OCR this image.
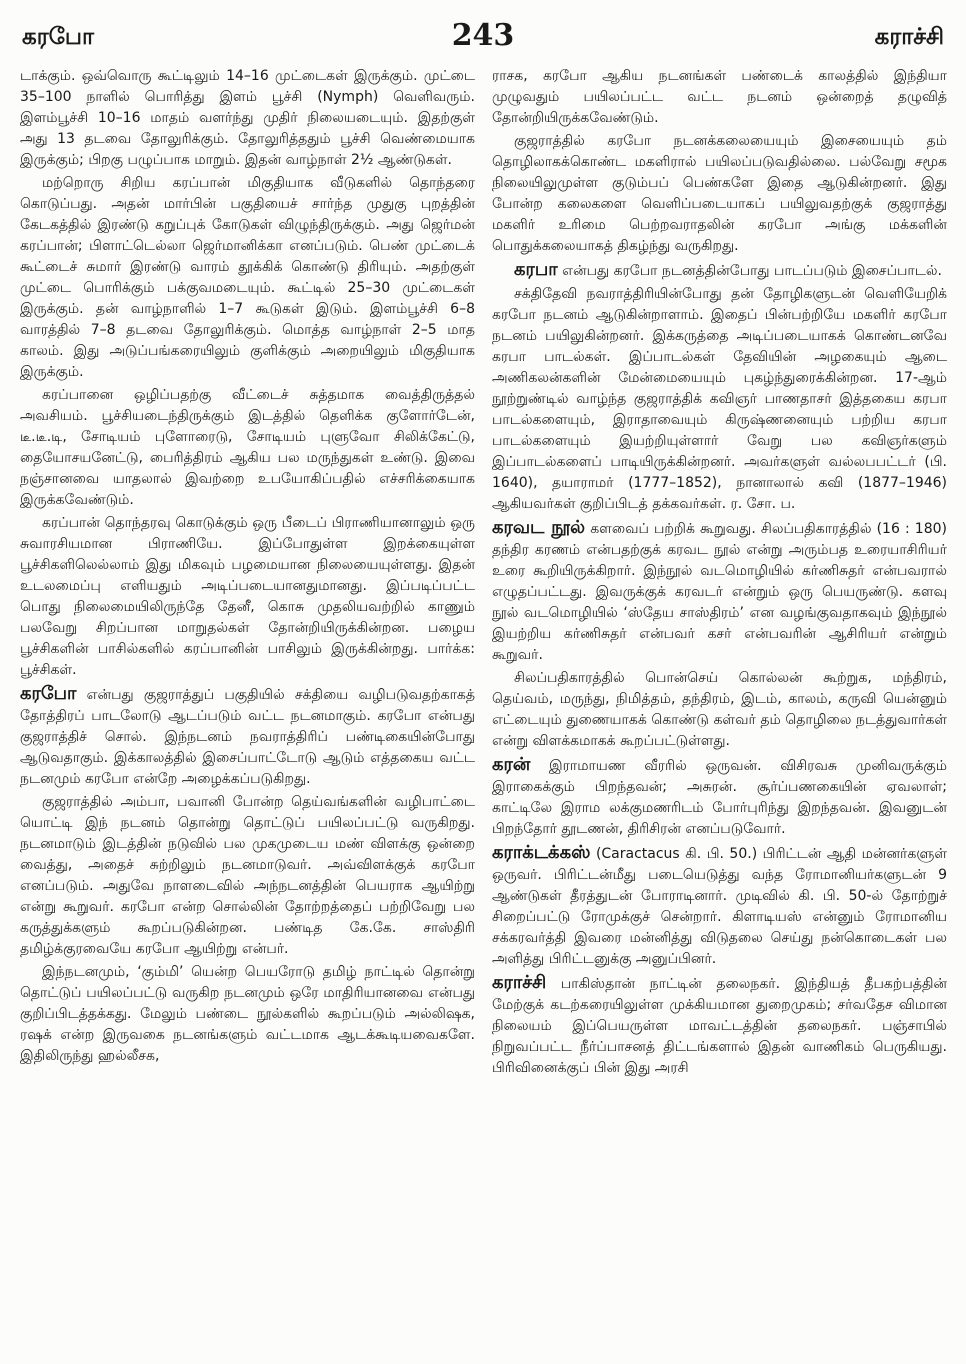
கரபோ	243	கராச்சி

டாக்கும். ஒவ்வொரு கூட்டிலும் 14–16 முட்டைகள் இருக்கும். முட்டை 35–100 நாளில் பொரித்து இளம் பூச்சி (Nymph) வெளிவரும். இளம்பூச்சி 10–16 மாதம் வளர்ந்து முதிர் நிலையடையும். இதற்குள் அது 13 தடவை தோலுரிக்கும். தோலுரித்ததும் பூச்சி வெண்மையாக இருக்கும்; பிறகு பழுப்பாக மாறும். இதன் வாழ்நாள் 2½ ஆண்டுகள்.

மற்றொரு சிறிய கரப்பான் மிகுதியாக வீடுகளில் தொந்தரை கொடுப்பது. அதன் மார்பின் பகுதியைச் சார்ந்த முதுகு புறத்தின் கேடகத்தில் இரண்டு கறுப்புக் கோடுகள் விழுந்திருக்கும். அது ஜெர்மன் கரப்பான்; பிளாட்டெல்லா ஜெர்மானிக்கா எனப்படும். பெண் முட்டைக் கூட்டைச் சுமார் இரண்டு வாரம் தூக்கிக் கொண்டு திரியும். அதற்குள் முட்டை பொரிக்கும் பக்குவமடையும். கூட்டில் 25–30 முட்டைகள் இருக்கும். தன் வாழ்நாளில் 1–7 கூடுகள் இடும். இளம்பூச்சி 6–8 வாரத்தில் 7–8 தடவை தோலுரிக்கும். மொத்த வாழ்நாள் 2–5 மாத காலம். இது அடுப்பங்கரையிலும் குளிக்கும் அறையிலும் மிகுதியாக இருக்கும்.

கரப்பானை ஒழிப்பதற்கு வீட்டைச் சுத்தமாக வைத்திருத்தல் அவசியம். பூச்சியடைந்திருக்கும் இடத்தில் தெளிக்க குளோர்டேன், டீ.டீ.டி, சோடியம் புளோரைடு, சோடியம் புளுவோ சிலிக்கேட்டு, தையோசயனேட்டு, பைரித்திரம் ஆகிய பல மருந்துகள் உண்டு. இவை நஞ்சானவை யாதலால் இவற்றை உபயோகிப்பதில் எச்சரிக்கையாக இருக்கவேண்டும்.

கரப்பான் தொந்தரவு கொடுக்கும் ஒரு பீடைப் பிராணியானாலும் ஒரு சுவாரசியமான பிராணியே. இப்போதுள்ள இறக்கையுள்ள பூச்சிகளிலெல்லாம் இது மிகவும் பழமையான நிலையையுள்ளது. இதன் உடலமைப்பு எளியதும் அடிப்படையானதுமானது. இப்படிப்பட்ட பொது நிலைமையிலிருந்தே தேனீ, கொசு முதலியவற்றில் காணும் பலவேறு சிறப்பான மாறுதல்கள் தோன்றியிருக்கின்றன. பழைய பூச்சிகளின் பாசில்களில் கரப்பானின் பாசிலும் இருக்கின்றது. பார்க்க: பூச்சிகள்.

கரபோ என்பது குஜராத்துப் பகுதியில் சக்தியை வழிபடுவதற்காகத் தோத்திரப் பாடலோடு ஆடப்படும் வட்ட நடனமாகும். கரபோ என்பது குஜராத்திச் சொல். இந்நடனம் நவராத்திரிப் பண்டிகையின்போது ஆடுவதாகும். இக்காலத்தில் இசைப்பாட்டோடு ஆடும் எத்தகைய வட்ட நடனமும் கரபோ என்றே அழைக்கப்படுகிறது.

குஜராத்தில் அம்பா, பவானி போன்ற தெய்வங்களின் வழிபாட்டை யொட்டி இந் நடனம் தொன்று தொட்டுப் பயிலப்பட்டு வருகிறது. நடனமாடும் இடத்தின் நடுவில் பல முகமுடைய மண் விளக்கு ஒன்றை வைத்து, அதைச் சுற்றிலும் நடனமாடுவர். அவ்விளக்குக் கரபோ எனப்படும். அதுவே நாளடைவில் அந்நடனத்தின் பெயராக ஆயிற்று என்று கூறுவர். கரபோ என்ற சொல்லின் தோற்றத்தைப் பற்றிவேறு பல கருத்துக்களும் கூறப்படுகின்றன. பண்டித கே.கே. சாஸ்திரி தமிழ்க்குரவையே கரபோ ஆயிற்று என்பர்.

இந்நடனமும், ‘கும்மி’ யென்ற பெயரோடு தமிழ் நாட்டில் தொன்று தொட்டுப் பயிலப்பட்டு வருகிற நடனமும் ஒரே மாதிரியானவை என்பது குறிப்பிடத்தக்கது. மேலும் பண்டை நூல்களில் கூறப்படும் அல்லிஷக, ரஷக் என்ற இருவகை நடனங்களும் வட்டமாக ஆடக்கூடியவைகளே. இதிலிருந்து ஹல்லீசக,

ராசக, கரபோ ஆகிய நடனங்கள் பண்டைக் காலத்தில் இந்தியா முழுவதும் பயிலப்பட்ட வட்ட நடனம் ஒன்றைத் தழுவித் தோன்றியிருக்கவேண்டும்.

குஜராத்தில் கரபோ நடனக்கலையையும் இசையையும் தம் தொழிலாகக்கொண்ட மகளிரால் பயிலப்படுவதில்லை. பல்வேறு சமூக நிலையிலுமுள்ள குடும்பப் பெண்களே இதை ஆடுகின்றனர். இது போன்ற கலைகளை வெளிப்படையாகப் பயிலுவதற்குக் குஜராத்து மகளிர் உரிமை பெற்றவராதலின் கரபோ அங்கு மக்களின் பொதுக்கலையாகத் திகழ்ந்து வருகிறது.

கரபா என்பது கரபோ நடனத்தின்போது பாடப்படும் இசைப்பாடல்.

சக்திதேவி நவராத்திரியின்போது தன் தோழிகளுடன் வெளியேறிக் கரபோ நடனம் ஆடுகின்றாளாம். இதைப் பின்பற்றியே மகளிர் கரபோ நடனம் பயிலுகின்றனர். இக்கருத்தை அடிப்படையாகக் கொண்டனவே கரபா பாடல்கள். இப்பாடல்கள் தேவியின் அழகையும் ஆடை அணிகலன்களின் மேன்மையையும் புகழ்ந்துரைக்கின்றன. 17-ஆம் நூற்றுண்டில் வாழ்ந்த குஜராத்திக் கவிஞர் பாணதாசர் இத்தகைய கரபா பாடல்களையும், இராதாவையும் கிருஷ்ணனையும் பற்றிய கரபா பாடல்களையும் இயற்றியுள்ளார் வேறு பல கவிஞர்களும் இப்பாடல்களைப் பாடியிருக்கின்றனர். அவர்களுள் வல்லபபட்டர் (பி. 1640), தயாராமர் (1777–1852), நானாலால் கவி (1877–1946) ஆகியவர்கள் குறிப்பிடத் தக்கவர்கள். ர. சோ. ப.

கரவட நூல் களவைப் பற்றிக் கூறுவது. சிலப்பதிகாரத்தில் (16 : 180) தந்திர கரணம் என்பதற்குக் கரவட நூல் என்று அரும்பத உரையாசிரியர் உரை கூறியிருக்கிறார். இந்நூல் வடமொழியில் கர்ணிசுதர் என்பவரால் எழுதப்பட்டது. இவருக்குக் கரவடர் என்றும் ஒரு பெயருண்டு. களவு நூல் வடமொழியில் ‘ஸ்தேய சாஸ்திரம்’ என வழங்குவதாகவும் இந்நூல் இயற்றிய கர்ணிசுதர் என்பவர் கசர் என்பவரின் ஆசிரியர் என்றும் கூறுவர்.

சிலப்பதிகாரத்தில் பொன்செய் கொல்லன் கூற்றுக, மந்திரம், தெய்வம், மருந்து, நிமித்தம், தந்திரம், இடம், காலம், கருவி யென்னும் எட்டையும் துணையாகக் கொண்டு கள்வர் தம் தொழிலை நடத்துவார்கள் என்று விளக்கமாகக் கூறப்பட்டுள்ளது.

கரன் இராமாயண வீரரில் ஒருவன். விசிரவசு முனிவருக்கும் இராகைக்கும் பிறந்தவன்; அசுரன். சூர்ப்பணகையின் ஏவலாள்; காட்டிலே இராம லக்குமணரிடம் போர்புரிந்து இறந்தவன். இவனுடன் பிறந்தோர் தூடணன், திரிசிரன் எனப்படுவோர்.

கராக்டக்கஸ் (Caractacus கி. பி. 50.) பிரிட்டன் ஆதி மன்னர்களுள் ஒருவர். பிரிட்டன்மீது படையெடுத்து வந்த ரோமானியர்களுடன் 9 ஆண்டுகள் தீரத்துடன் போராடினார். முடிவில் கி. பி. 50-ல் தோற்றுச் சிறைப்பட்டு ரோமுக்குச் சென்றார். கிளாடியஸ் என்னும் ரோமானிய சக்கரவர்த்தி இவரை மன்னித்து விடுதலை செய்து நன்கொடைகள் பல அளித்து பிரிட்டனுக்கு அனுப்பினர்.

கராச்சி பாகிஸ்தான் நாட்டின் தலைநகர். இந்தியத் தீபகற்பத்தின் மேற்குக் கடற்கரையிலுள்ள முக்கியமான துறைமுகம்; சர்வதேச விமான நிலையம் இப்பெயருள்ள மாவட்டத்தின் தலைநகர். பஞ்சாபில் நிறுவப்பட்ட நீர்ப்பாசனத் திட்டங்களால் இதன் வாணிகம் பெருகியது. பிரிவினைக்குப் பின் இது அரசி
